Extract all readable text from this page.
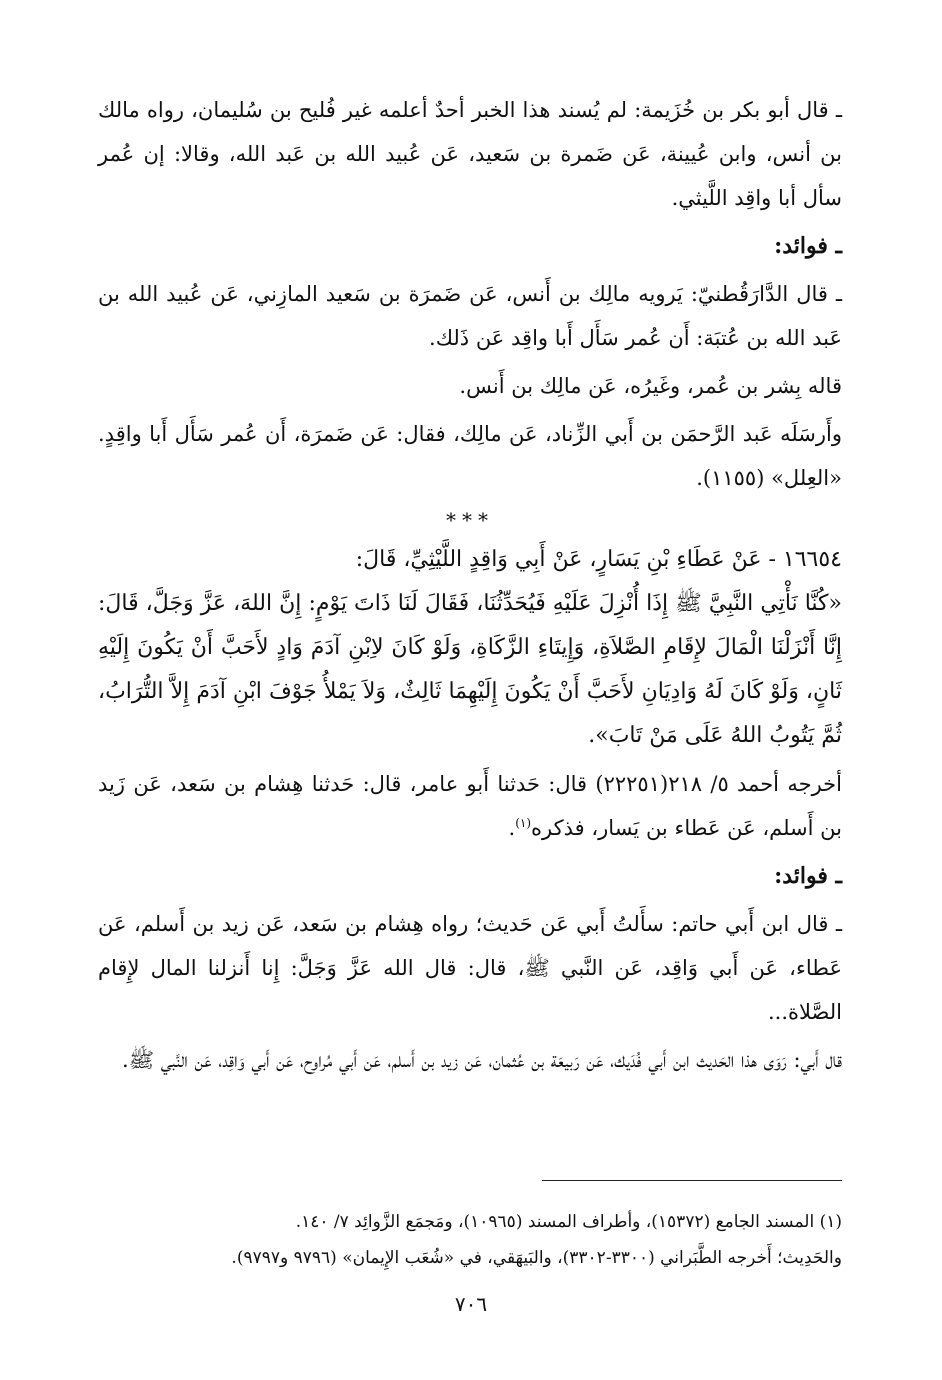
ـ قال أبو بكر بن خُزَيمة: لم يُسند هذا الخبر أحدٌ أعلمه غير فُليح بن سُليمان، رواه مالك بن أنس، وابن عُيينة، عَن ضَمرة بن سَعيد، عَن عُبيد الله بن عَبد الله، وقالا: إن عُمر سأل أبا واقِد اللَّيثي.

ـ فوائد:

ـ قال الدَّارَقُطنيّ: يَرويه مالِك بن أَنس، عَن ضَمرَة بن سَعيد المازِني، عَن عُبيد الله بن عَبد الله بن عُتبَة: أَن عُمر سَأَل أَبا واقِد عَن ذَلك.

قاله بِشر بن عُمر، وغَيرُه، عَن مالِك بن أَنس.

وأَرسَلَه عَبد الرَّحمَن بن أَبي الزِّناد، عَن مالِك، فقال: عَن ضَمرَة، أَن عُمر سَأَل أَبا واقِدٍ. «العِلل» (١١٥٥).

***

١٦٦٥٤ - عَنْ عَطَاءِ بْنِ يَسَارٍ، عَنْ أَبِي وَاقِدٍ اللَّيْثِيِّ، قَالَ:

«كُنَّا نَأْتِي النَّبِيَّ ﷺ إِذَا أُنْزِلَ عَلَيْهِ فَيُحَدِّثُنَا، فَقَالَ لَنَا ذَاتَ يَوْمٍ: إِنَّ اللهَ، عَزَّ وَجَلَّ، قَالَ: إِنَّا أَنْزَلْنَا الْمَالَ لإِقَامِ الصَّلاَةِ، وَإِيتَاءِ الزَّكَاةِ، وَلَوْ كَانَ لاِبْنِ آدَمَ وَادٍ لأَحَبَّ أَنْ يَكُونَ إِلَيْهِ ثَانٍ، وَلَوْ كَانَ لَهُ وَادِيَانِ لأَحَبَّ أَنْ يَكُونَ إِلَيْهِمَا ثَالِثٌ، وَلاَ يَمْلأُ جَوْفَ ابْنِ آدَمَ إِلاَّ التُّرَابُ، ثُمَّ يَتُوبُ اللهُ عَلَى مَنْ تَابَ».

أخرجه أحمد ٥/ ٢١٨(٢٢٢٥١) قال: حَدثنا أَبو عامر، قال: حَدثنا هِشام بن سَعد، عَن زَيد بن أَسلم، عَن عَطاء بن يَسار، فذكره$^{(١)}$.

ـ فوائد:

ـ قال ابن أَبي حاتم: سأَلتُ أَبي عَن حَديث؛ رواه هِشام بن سَعد، عَن زيد بن أَسلم، عَن عَطاء، عَن أَبي وَاقِد، عَن النَّبي ﷺ، قال: قال الله عَزَّ وَجَلَّ: إِنا أَنزلنا المال لإِقام الصَّلاة...

قال أَبي: رَوَى هذا الحَديث ابن أَبي فُدَيك، عَن رَبيعَة بن عُثمان، عَن زيد بن أَسلم، عَن أَبي مُراوِح، عَن أَبي وَاقِد، عَن النَّبي ﷺ.

(١) المسند الجامع (١٥٣٧٢)، وأطراف المسند (١٠٩٦٥)، ومَجمَع الزَّوائِد ٧/ ١٤٠.

والحَدِيث؛ أَخرجه الطَّبَراني (٣٣٠٠-٣٣٠٢)، والبَيهَقي، في «شُعَب الإِيمان» (٩٧٩٦ و٩٧٩٧).

٧٠٦
